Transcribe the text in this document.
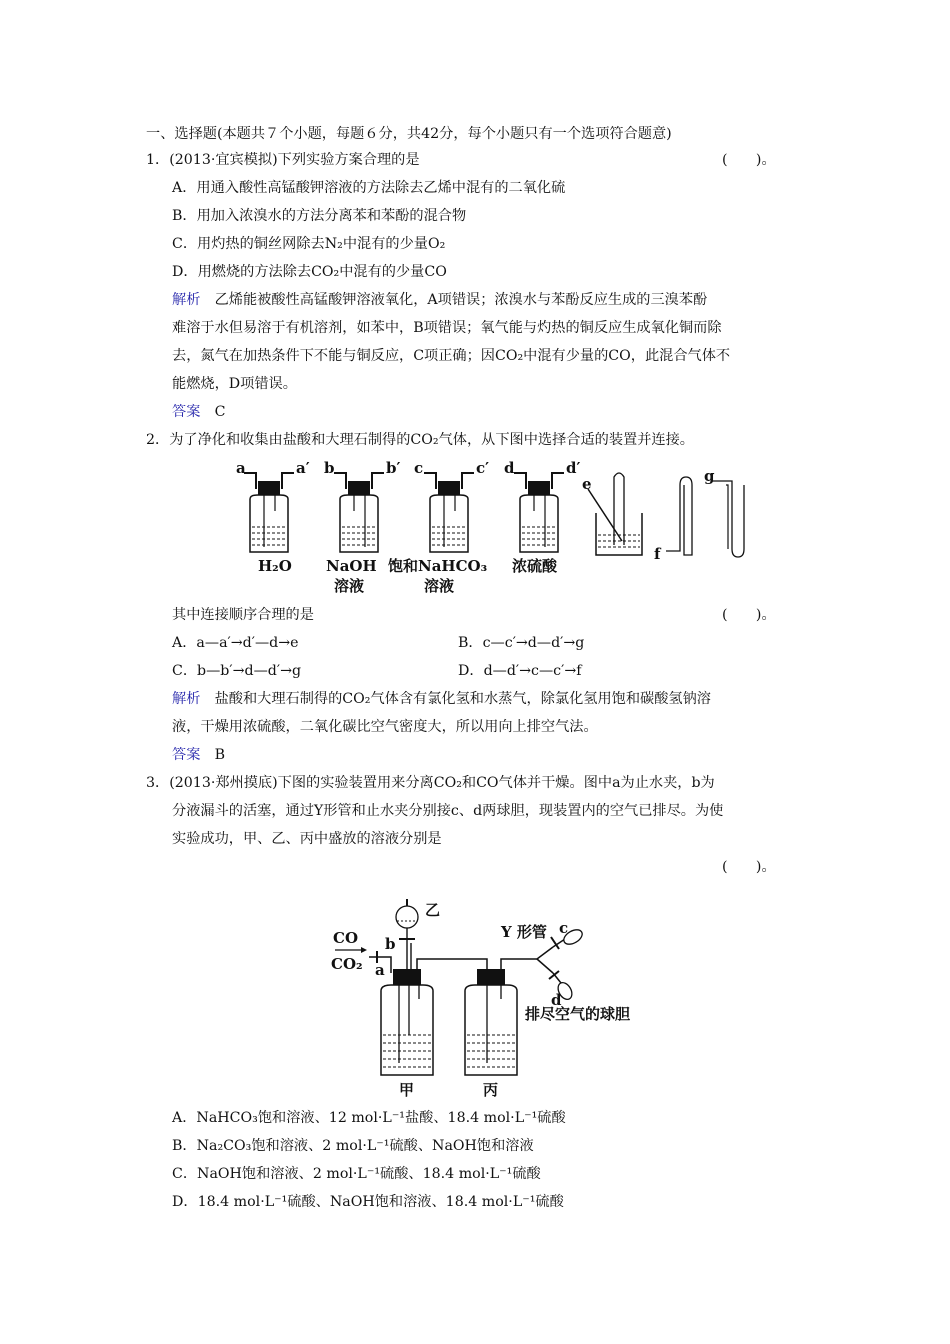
一、选择题(本题共７个小题，每题６分，共42分，每个小题只有一个选项符合题意)
1．(2013·宜宾模拟)下列实验方案合理的是	(　　)。
A．用通入酸性高锰酸钾溶液的方法除去乙烯中混有的二氧化硫
B．用加入浓溴水的方法分离苯和苯酚的混合物
C．用灼热的铜丝网除去N₂中混有的少量O₂
D．用燃烧的方法除去CO₂中混有的少量CO
解析　乙烯能被酸性高锰酸钾溶液氧化，A项错误；浓溴水与苯酚反应生成的三溴苯酚
难溶于水但易溶于有机溶剂，如苯中，B项错误；氧气能与灼热的铜反应生成氧化铜而除
去，氮气在加热条件下不能与铜反应，C项正确；因CO₂中混有少量的CO，此混合气体不
能燃烧，D项错误。
答案　 C
2．为了净化和收集由盐酸和大理石制得的CO₂气体，从下图中选择合适的装置并连接。
a	a′ b	b′ c	c′ d	d′
e
f
g
H₂O NaOH
溶液
饱和NaHCO₃
溶液
浓硫酸
其中连接顺序合理的是	(　　)。
A．a—a′→d′—d→e	B．c—c′→d—d′→g
C．b—b′→d—d′→g	D．d—d′→c—c′→f
解析　盐酸和大理石制得的CO₂气体含有氯化氢和水蒸气，除氯化氢用饱和碳酸氢钠溶
液，干燥用浓硫酸，二氧化碳比空气密度大，所以用向上排空气法。
答案　 B
3．(2013·郑州摸底)下图的实验装置用来分离CO₂和CO气体并干燥。图中a为止水夹，b为
分液漏斗的活塞，通过Y形管和止水夹分别接c、d两球胆，现装置内的空气已排尽。为使
实验成功，甲、乙、丙中盛放的溶液分别是
(　　)。
乙
CO
CO₂
b
a
Y 形管 c
d
排尽空气的球胆
甲	丙
A．NaHCO₃饱和溶液、12 mol·L⁻¹盐酸、18.4 mol·L⁻¹硫酸
B．Na₂CO₃饱和溶液、2 mol·L⁻¹硫酸、NaOH饱和溶液
C．NaOH饱和溶液、2 mol·L⁻¹硫酸、18.4 mol·L⁻¹硫酸
D．18.4 mol·L⁻¹硫酸、NaOH饱和溶液、18.4 mol·L⁻¹硫酸
